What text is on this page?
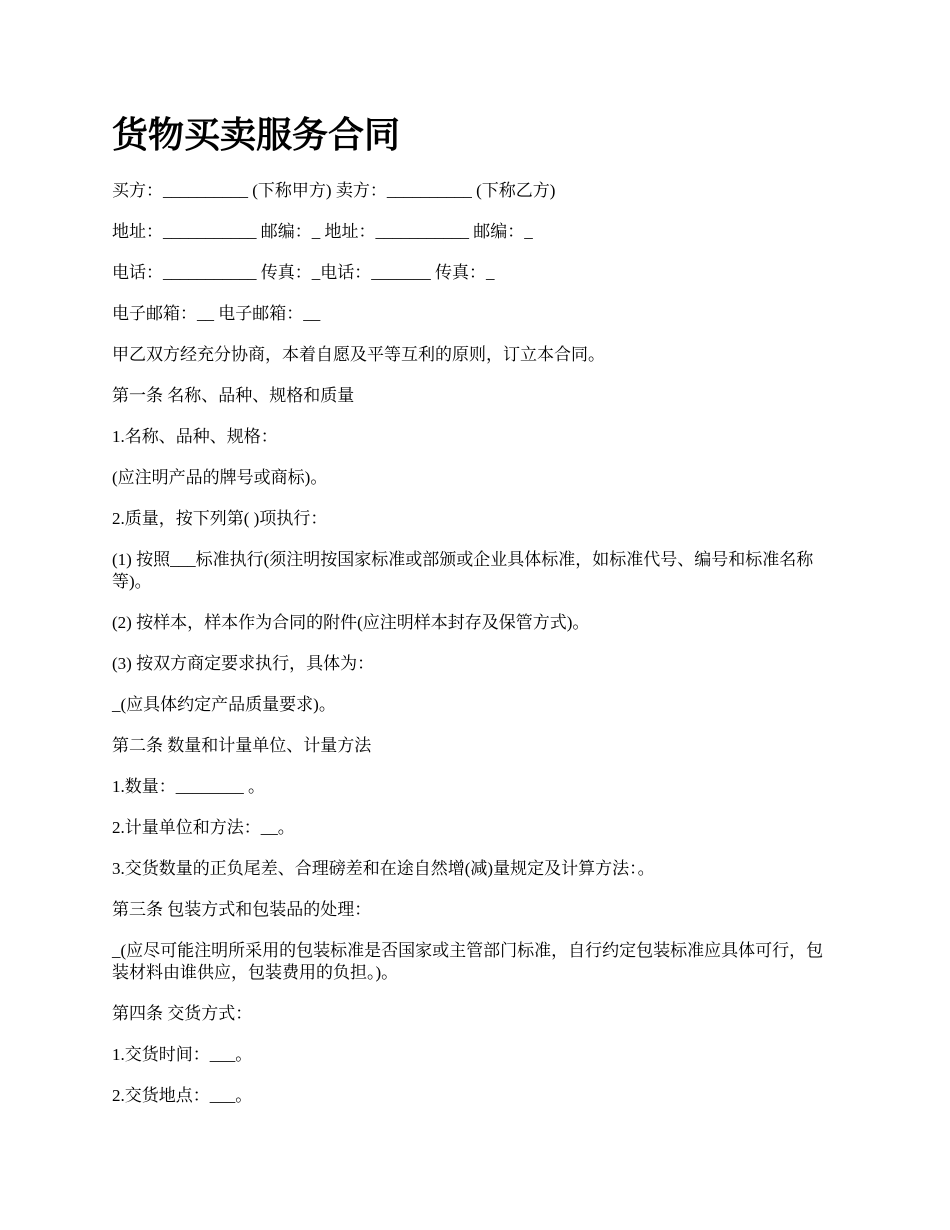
货物买卖服务合同

买方：__________ (下称甲方) 卖方：__________ (下称乙方)

地址：___________ 邮编：_ 地址：___________ 邮编：_

电话：___________ 传真：_电话：_______ 传真：_

电子邮箱：__ 电子邮箱：__

甲乙双方经充分协商，本着自愿及平等互利的原则，订立本合同。

第一条 名称、品种、规格和质量

1.名称、品种、规格：

(应注明产品的牌号或商标)。

2.质量，按下列第( )项执行：

(1) 按照___标准执行(须注明按国家标准或部颁或企业具体标准，如标准代号、编号和标准名称等)。

(2) 按样本，样本作为合同的附件(应注明样本封存及保管方式)。

(3) 按双方商定要求执行，具体为：

_(应具体约定产品质量要求)。

第二条 数量和计量单位、计量方法

1.数量：________ 。

2.计量单位和方法：__。

3.交货数量的正负尾差、合理磅差和在途自然增(减)量规定及计算方法：。

第三条 包装方式和包装品的处理：

_(应尽可能注明所采用的包装标准是否国家或主管部门标准，自行约定包装标准应具体可行，包装材料由谁供应，包装费用的负担。)。

第四条 交货方式：

1.交货时间：___。

2.交货地点：___。
